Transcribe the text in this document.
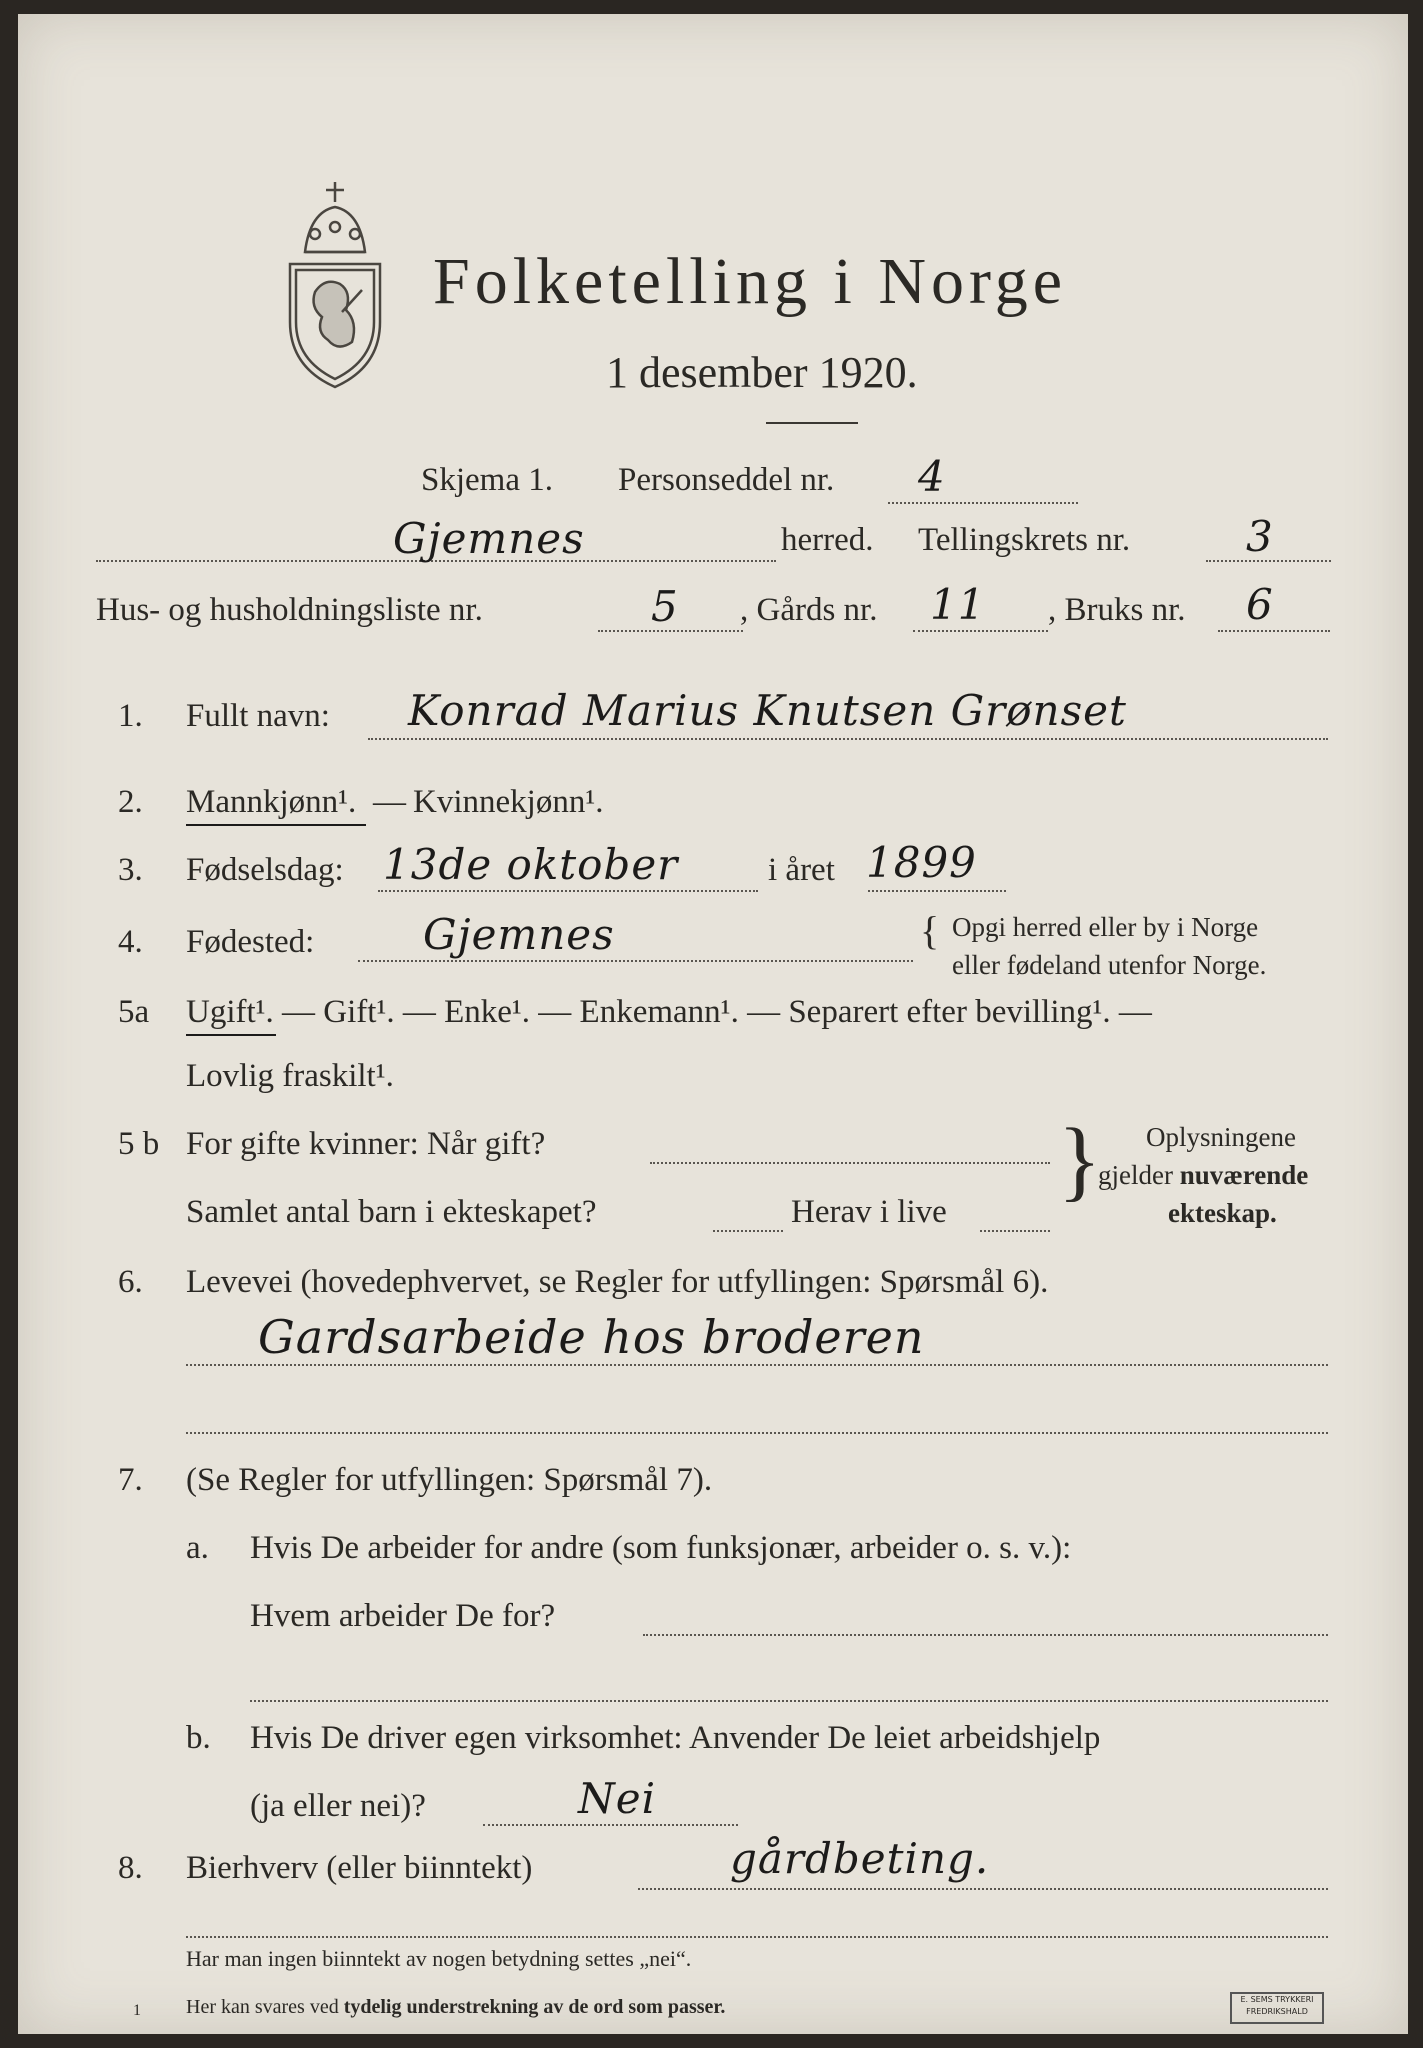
Folketelling i Norge
1 desember 1920.
Skjema 1. Personseddel nr. 4
Gjemnes	herred. Tellingskrets nr.	3
Hus- og husholdningsliste nr.	5 , Gårds nr. 11 , Bruks nr. 6
1. Fullt navn: Konrad Marius Knutsen Grønset
2. Mannkjønn¹. — Kvinnekjønn¹.
3. Fødselsdag: 13de oktober	i året 1899
4. Fødested:	Gjemnes	{ Opgi herred eller by i Norge
eller fødeland utenfor Norge.
5a Ugift¹. — Gift¹. — Enke¹. — Enkemann¹. — Separert efter bevilling¹. —
Lovlig fraskilt¹.
5 b For gifte kvinner: Når gift?
Samlet antal barn i ekteskapet?	Herav i live
} Oplysningene
gjelder nuværende
ekteskap.
6. Levevei (hovedерhvervet, se Regler for utfyllingen: Spørsmål 6).
Gardsarbeide hos broderen
7. (Se Regler for utfyllingen: Spørsmål 7).
a. Hvis De arbeider for andre (som funksjonær, arbeider o. s. v.):
Hvem arbeider De for?
b. Hvis De driver egen virksomhet: Anvender De leiet arbeidshjelp
(ja eller nei)?	Nei
8. Bierhverv (eller biinntekt)	gårdbeting.
Har man ingen biinntekt av nogen betydning settes „nei“.
1 Her kan svares ved tydelig understrekning av de ord som passer.	E. SEMS TRYKKERI FREDRIKSHALD
